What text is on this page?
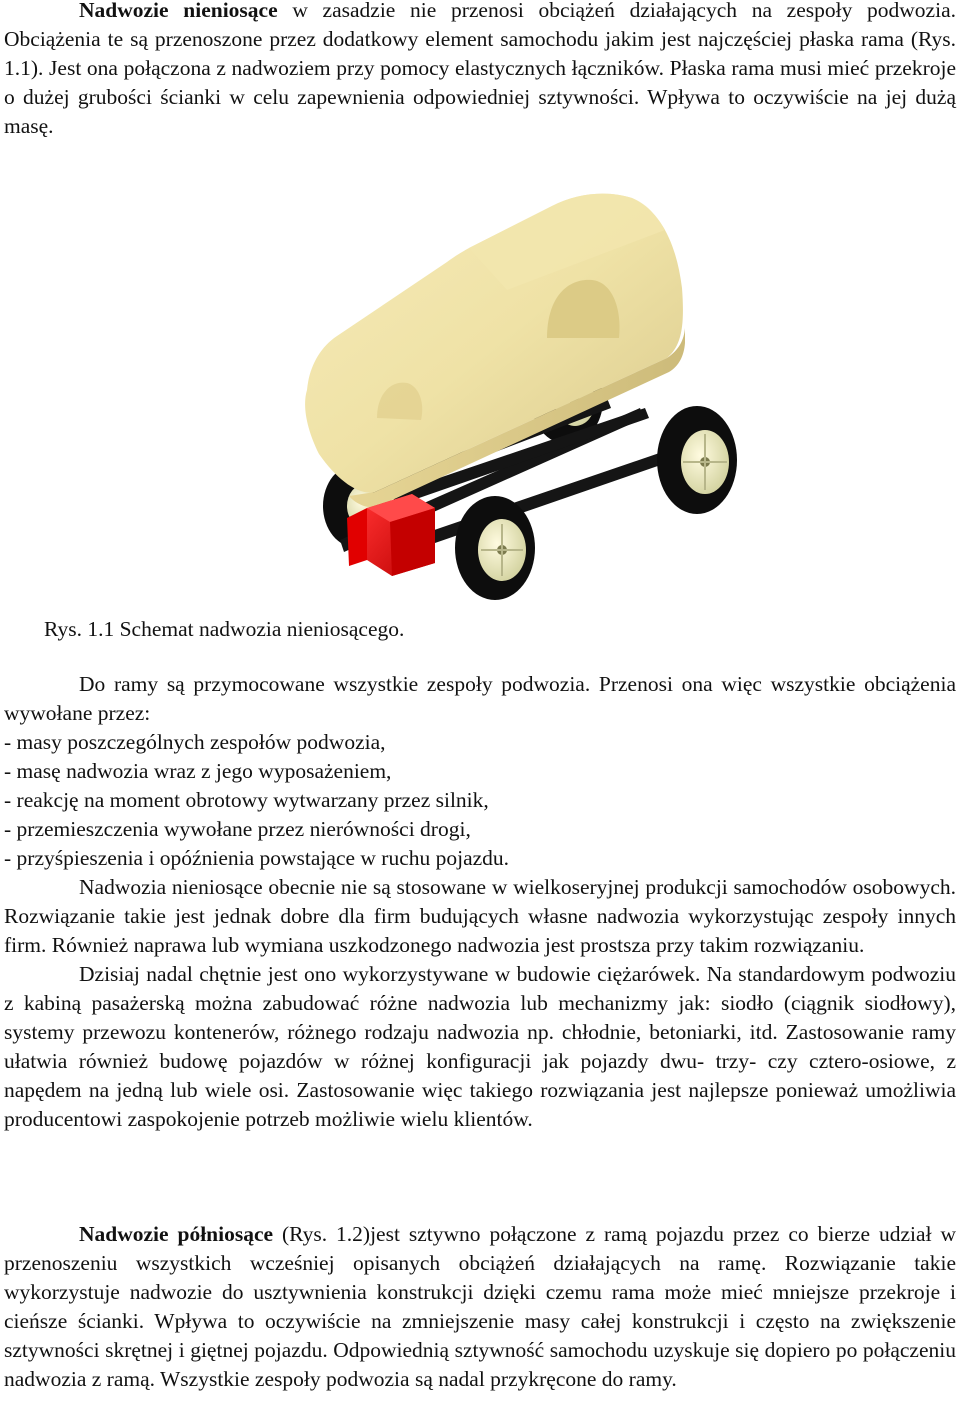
Nadwozie nieniosące w zasadzie nie przenosi obciążeń działających na zespoły podwozia. Obciążenia te są przenoszone przez dodatkowy element samochodu jakim jest najczęściej płaska rama (Rys. 1.1). Jest ona połączona z nadwoziem przy pomocy elastycznych łączników. Płaska rama musi mieć przekroje o dużej grubości ścianki w celu zapewnienia odpowiedniej sztywności. Wpływa to oczywiście na jej dużą masę.

Rys. 1.1 Schemat nadwozia nieniosącego.

Do ramy są przymocowane wszystkie zespoły podwozia. Przenosi ona więc wszystkie obciążenia wywołane przez:

- masy poszczególnych zespołów podwozia,

- masę nadwozia wraz z jego wyposażeniem,

- reakcję na moment obrotowy wytwarzany przez silnik,

- przemieszczenia wywołane przez nierówności drogi,

- przyśpieszenia i opóźnienia powstające w ruchu pojazdu.

Nadwozia nieniosące obecnie nie są stosowane w wielkoseryjnej produkcji samochodów osobowych. Rozwiązanie takie jest jednak dobre dla firm budujących własne nadwozia wykorzystując zespoły innych firm. Również naprawa lub wymiana uszkodzonego nadwozia jest prostsza przy takim rozwiązaniu.

Dzisiaj nadal chętnie jest ono wykorzystywane w budowie ciężarówek. Na standardowym podwoziu z kabiną pasażerską można zabudować różne nadwozia lub mechanizmy jak: siodło (ciągnik siodłowy), systemy przewozu kontenerów, różnego rodzaju nadwozia np. chłodnie, betoniarki, itd. Zastosowanie ramy ułatwia również budowę pojazdów w różnej konfiguracji jak pojazdy dwu- trzy- czy cztero-osiowe, z napędem na jedną lub wiele osi. Zastosowanie więc takiego rozwiązania jest najlepsze ponieważ umożliwia producentowi zaspokojenie potrzeb możliwie wielu klientów.

Nadwozie półniosące (Rys. 1.2)jest sztywno połączone z ramą pojazdu przez co bierze udział w przenoszeniu wszystkich wcześniej opisanych obciążeń działających na ramę. Rozwiązanie takie wykorzystuje nadwozie do usztywnienia konstrukcji dzięki czemu rama może mieć mniejsze przekroje i cieńsze ścianki. Wpływa to oczywiście na zmniejszenie masy całej konstrukcji i często na zwiększenie sztywności skrętnej i giętnej pojazdu. Odpowiednią sztywność samochodu uzyskuje się dopiero po połączeniu nadwozia z ramą. Wszystkie zespoły podwozia są nadal przykręcone do ramy.
